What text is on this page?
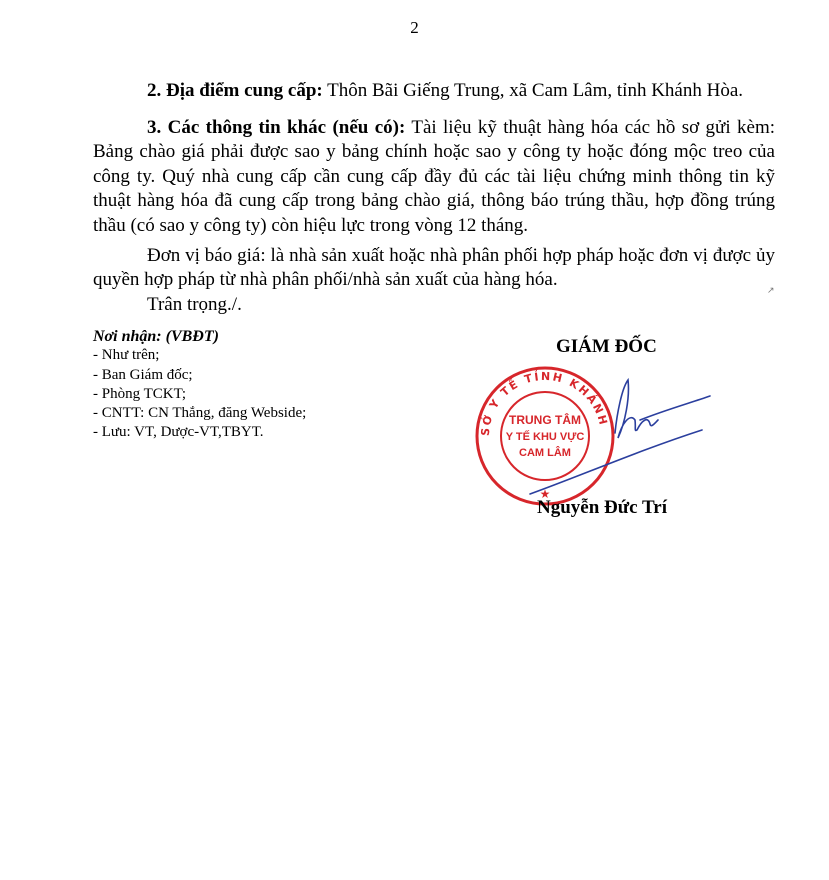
2
2. Địa điểm cung cấp: Thôn Bãi Giếng Trung, xã Cam Lâm, tỉnh Khánh Hòa.

3. Các thông tin khác (nếu có): Tài liệu kỹ thuật hàng hóa các hồ sơ gửi kèm: Bảng chào giá phải được sao y bảng chính hoặc sao y công ty hoặc đóng mộc treo của công ty. Quý nhà cung cấp cần cung cấp đầy đủ các tài liệu chứng minh thông tin kỹ thuật hàng hóa đã cung cấp trong bảng chào giá, thông báo trúng thầu, hợp đồng trúng thầu (có sao y công ty) còn hiệu lực trong vòng 12 tháng.

Đơn vị báo giá: là nhà sản xuất hoặc nhà phân phối hợp pháp hoặc đơn vị được ủy quyền hợp pháp từ nhà phân phối/nhà sản xuất của hàng hóa.

Trân trọng./.
↗
Nơi nhận: (VBĐT)
- Như trên;
- Ban Giám đốc;
- Phòng TCKT;
- CNTT: CN Thắng, đăng Webside;
- Lưu: VT, Dược-VT,TBYT.
GIÁM ĐỐC
SỞ Y TẾ TỈNH KHÁNH HÒA
TRUNG TÂM
Y TẾ KHU VỰC
CAM LÂM
★
Nguyễn Đức Trí
